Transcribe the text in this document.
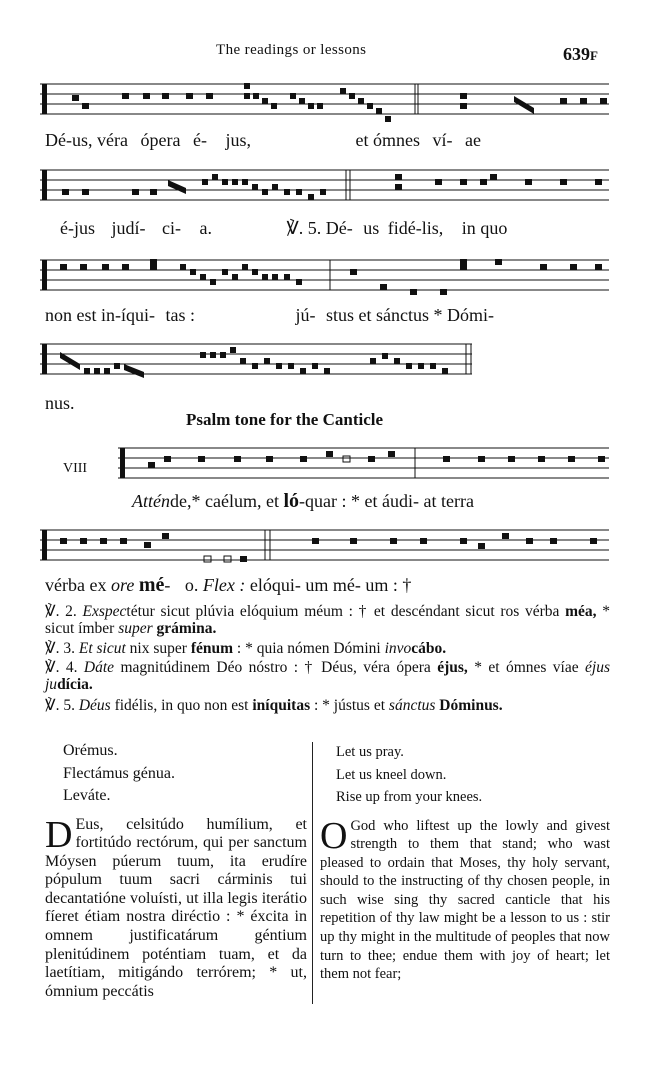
The readings or lessons	639F
Dé-us, véra ópera é- jus,	et ómnes ví- ae
é-jus judí- ci- a.	℣. 5. Dé- us fidé-lis, in quo
non est in-íqui- tas :	jú- stus et sánctus * Dómi-
nus.
Psalm tone for the Canticle
VIII
Atténde,* caélum, et ló-quar : * et áudi- at terra
vérba ex ore mé- o. Flex : elóqui- um mé- um : †
℣. 2. Exspectétur sicut plúvia elóquium méum : † et descéndant sicut ros vérba méa, * sicut ímber super grámina.
℣. 3. Et sicut nix super fénum : * quia nómen Dómini invocábo.
℣. 4. Dáte magnitúdinem Déo nóstro : † Déus, véra ópera éjus, * et ómnes víae éjus judícia.
℣. 5. Déus fidélis, in quo non est iníquitas : * jústus et sánctus Dóminus.
Orémus.
Flectámus génua.
Leváte.
D Eus, celsitúdo humílium, et fortitúdo rectórum, qui per sanctum Móysen púerum tuum, ita erudíre pópulum tuum sacri cárminis tui decantatióne voluísti, ut illa legis iterátio fíeret étiam nostra diréctio : * éxcita in omnem justificatárum géntium plenitúdinem poténtiam tuam, et da laetítiam, mitigándo terrórem; * ut, ómnium peccátis
Let us pray.
Let us kneel down.
Rise up from your knees.
O God who liftest up the lowly and givest strength to them that stand; who wast pleased to ordain that Moses, thy holy servant, should to the instructing of thy chosen people, in such wise sing thy sacred canticle that his repetition of thy law might be a lesson to us : stir up thy might in the multitude of peoples that now turn to thee; endue them with joy of heart; let them not fear;
